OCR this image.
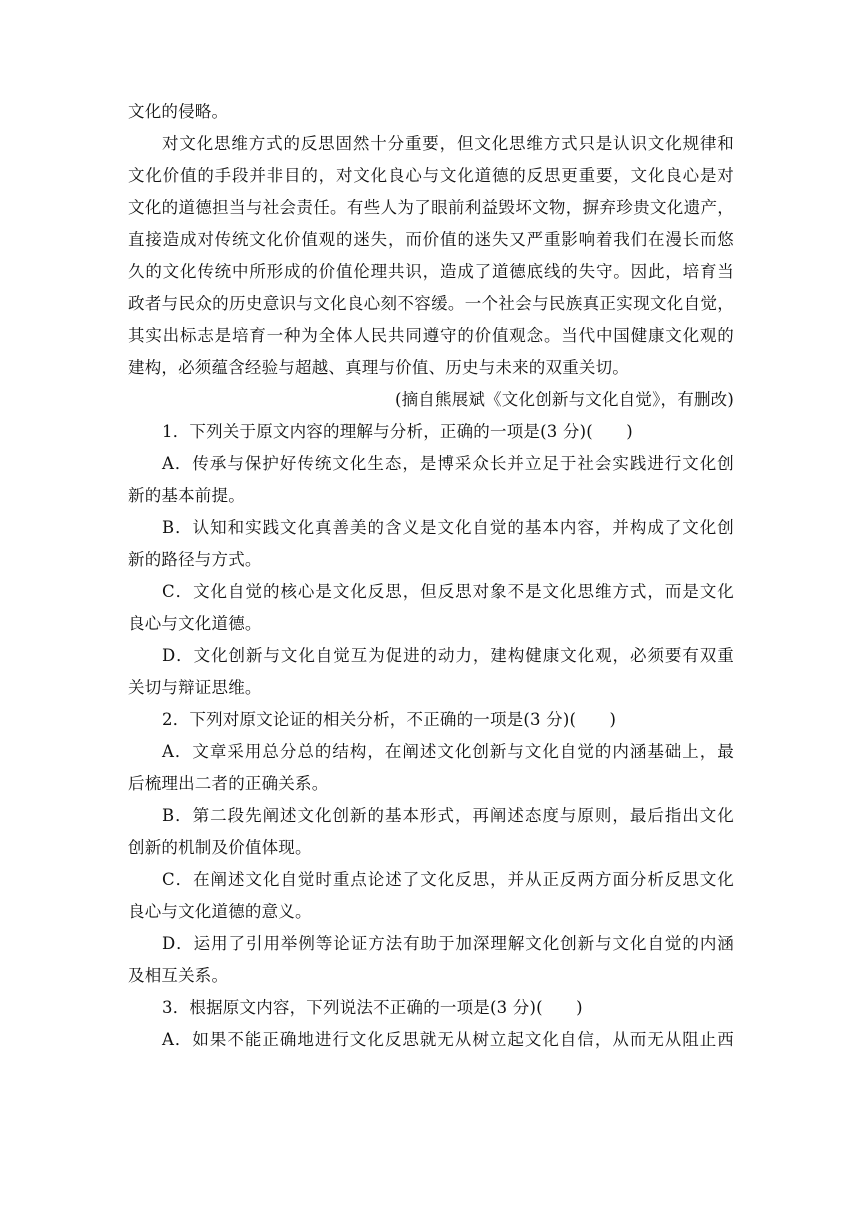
文化的侵略。
对文化思维方式的反思固然十分重要，但文化思维方式只是认识文化规律和
文化价值的手段并非目的，对文化良心与文化道德的反思更重要，文化良心是对
文化的道德担当与社会责任。有些人为了眼前利益毁坏文物，摒弃珍贵文化遗产，
直接造成对传统文化价值观的迷失，而价值的迷失又严重影响着我们在漫长而悠
久的文化传统中所形成的价值伦理共识，造成了道德底线的失守。因此，培育当
政者与民众的历史意识与文化良心刻不容缓。一个社会与民族真正实现文化自觉，
其实出标志是培育一种为全体人民共同遵守的价值观念。当代中国健康文化观的
建构，必须蕴含经验与超越、真理与价值、历史与未来的双重关切。
(摘自熊展斌《文化创新与文化自觉》，有删改)
1．下列关于原文内容的理解与分析，正确的一项是(3 分)(　　)
A．传承与保护好传统文化生态，是博采众长并立足于社会实践进行文化创
新的基本前提。
B．认知和实践文化真善美的含义是文化自觉的基本内容，并构成了文化创
新的路径与方式。
C．文化自觉的核心是文化反思，但反思对象不是文化思维方式，而是文化
良心与文化道德。
D．文化创新与文化自觉互为促进的动力，建构健康文化观，必须要有双重
关切与辩证思维。
2．下列对原文论证的相关分析，不正确的一项是(3 分)(　　)
A．文章采用总分总的结构，在阐述文化创新与文化自觉的内涵基础上，最
后梳理出二者的正确关系。
B．第二段先阐述文化创新的基本形式，再阐述态度与原则，最后指出文化
创新的机制及价值体现。
C．在阐述文化自觉时重点论述了文化反思，并从正反两方面分析反思文化
良心与文化道德的意义。
D．运用了引用举例等论证方法有助于加深理解文化创新与文化自觉的内涵
及相互关系。
3．根据原文内容，下列说法不正确的一项是(3 分)(　　)
A．如果不能正确地进行文化反思就无从树立起文化自信，从而无从阻止西
